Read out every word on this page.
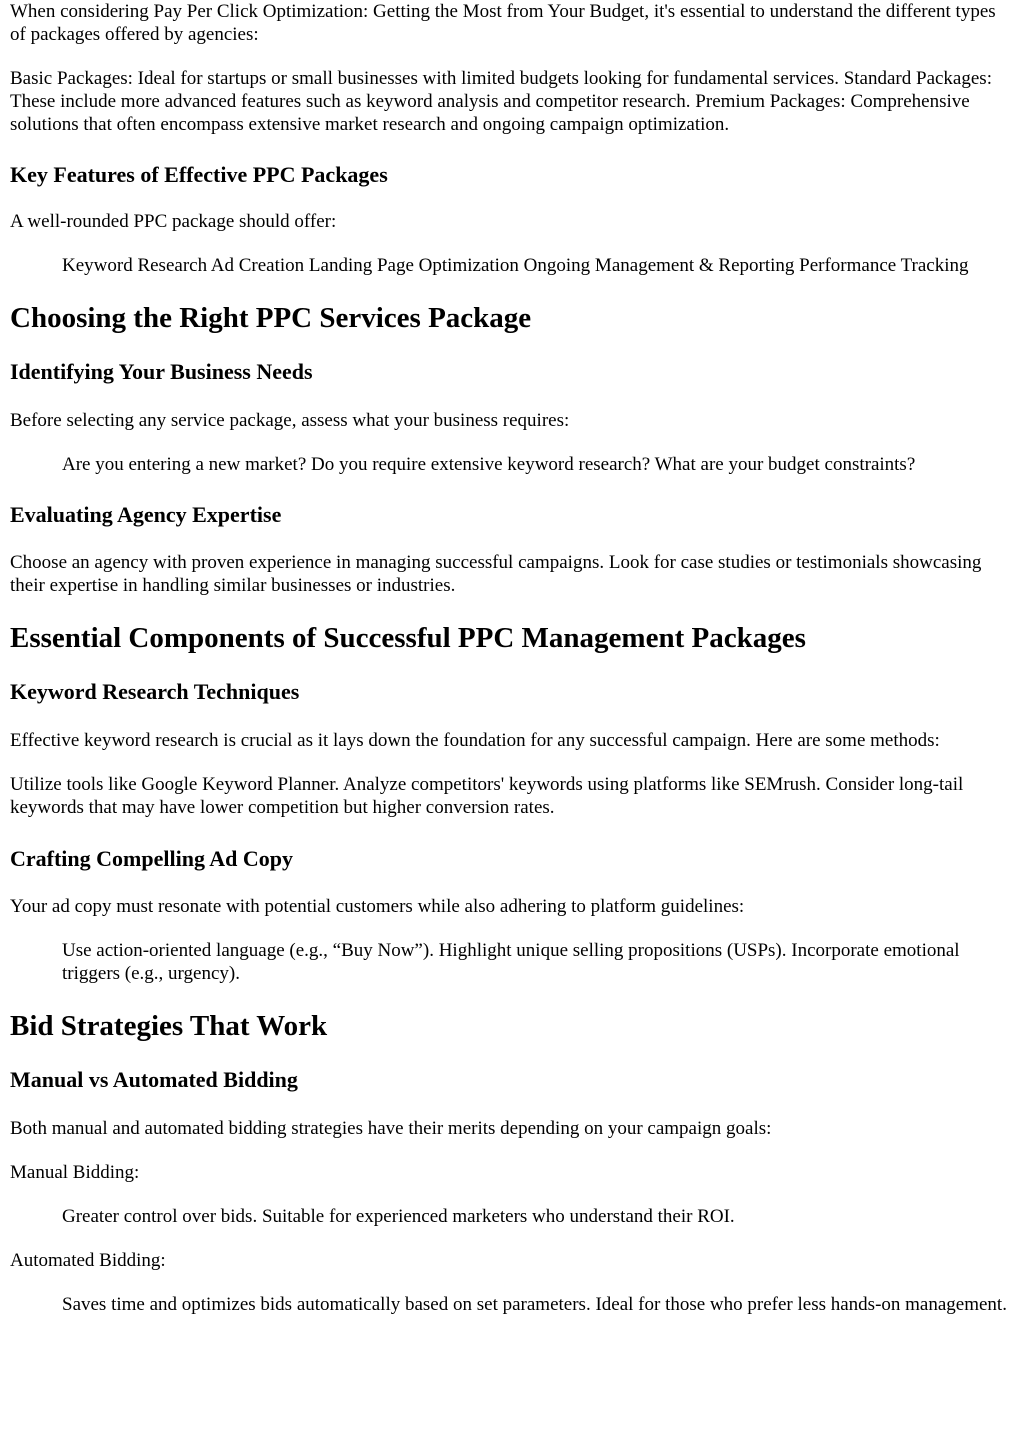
When considering Pay Per Click Optimization: Getting the Most from Your Budget, it's essential to understand the different types of packages offered by agencies:

Basic Packages: Ideal for startups or small businesses with limited budgets looking for fundamental services. Standard Packages: These include more advanced features such as keyword analysis and competitor research. Premium Packages: Comprehensive solutions that often encompass extensive market research and ongoing campaign optimization.

Key Features of Effective PPC Packages

A well-rounded PPC package should offer:

Keyword Research Ad Creation Landing Page Optimization Ongoing Management & Reporting Performance Tracking
Choosing the Right PPC Services Package
Identifying Your Business Needs

Before selecting any service package, assess what your business requires:

Are you entering a new market? Do you require extensive keyword research? What are your budget constraints?
Evaluating Agency Expertise

Choose an agency with proven experience in managing successful campaigns. Look for case studies or testimonials showcasing their expertise in handling similar businesses or industries.

Essential Components of Successful PPC Management Packages
Keyword Research Techniques

Effective keyword research is crucial as it lays down the foundation for any successful campaign. Here are some methods:

Utilize tools like Google Keyword Planner. Analyze competitors' keywords using platforms like SEMrush. Consider long-tail keywords that may have lower competition but higher conversion rates.

Crafting Compelling Ad Copy

Your ad copy must resonate with potential customers while also adhering to platform guidelines:

Use action-oriented language (e.g., “Buy Now”). Highlight unique selling propositions (USPs). Incorporate emotional triggers (e.g., urgency).
Bid Strategies That Work
Manual vs Automated Bidding

Both manual and automated bidding strategies have their merits depending on your campaign goals:

Manual Bidding:

Greater control over bids. Suitable for experienced marketers who understand their ROI.

Automated Bidding:

Saves time and optimizes bids automatically based on set parameters. Ideal for those who prefer less hands-on management.
